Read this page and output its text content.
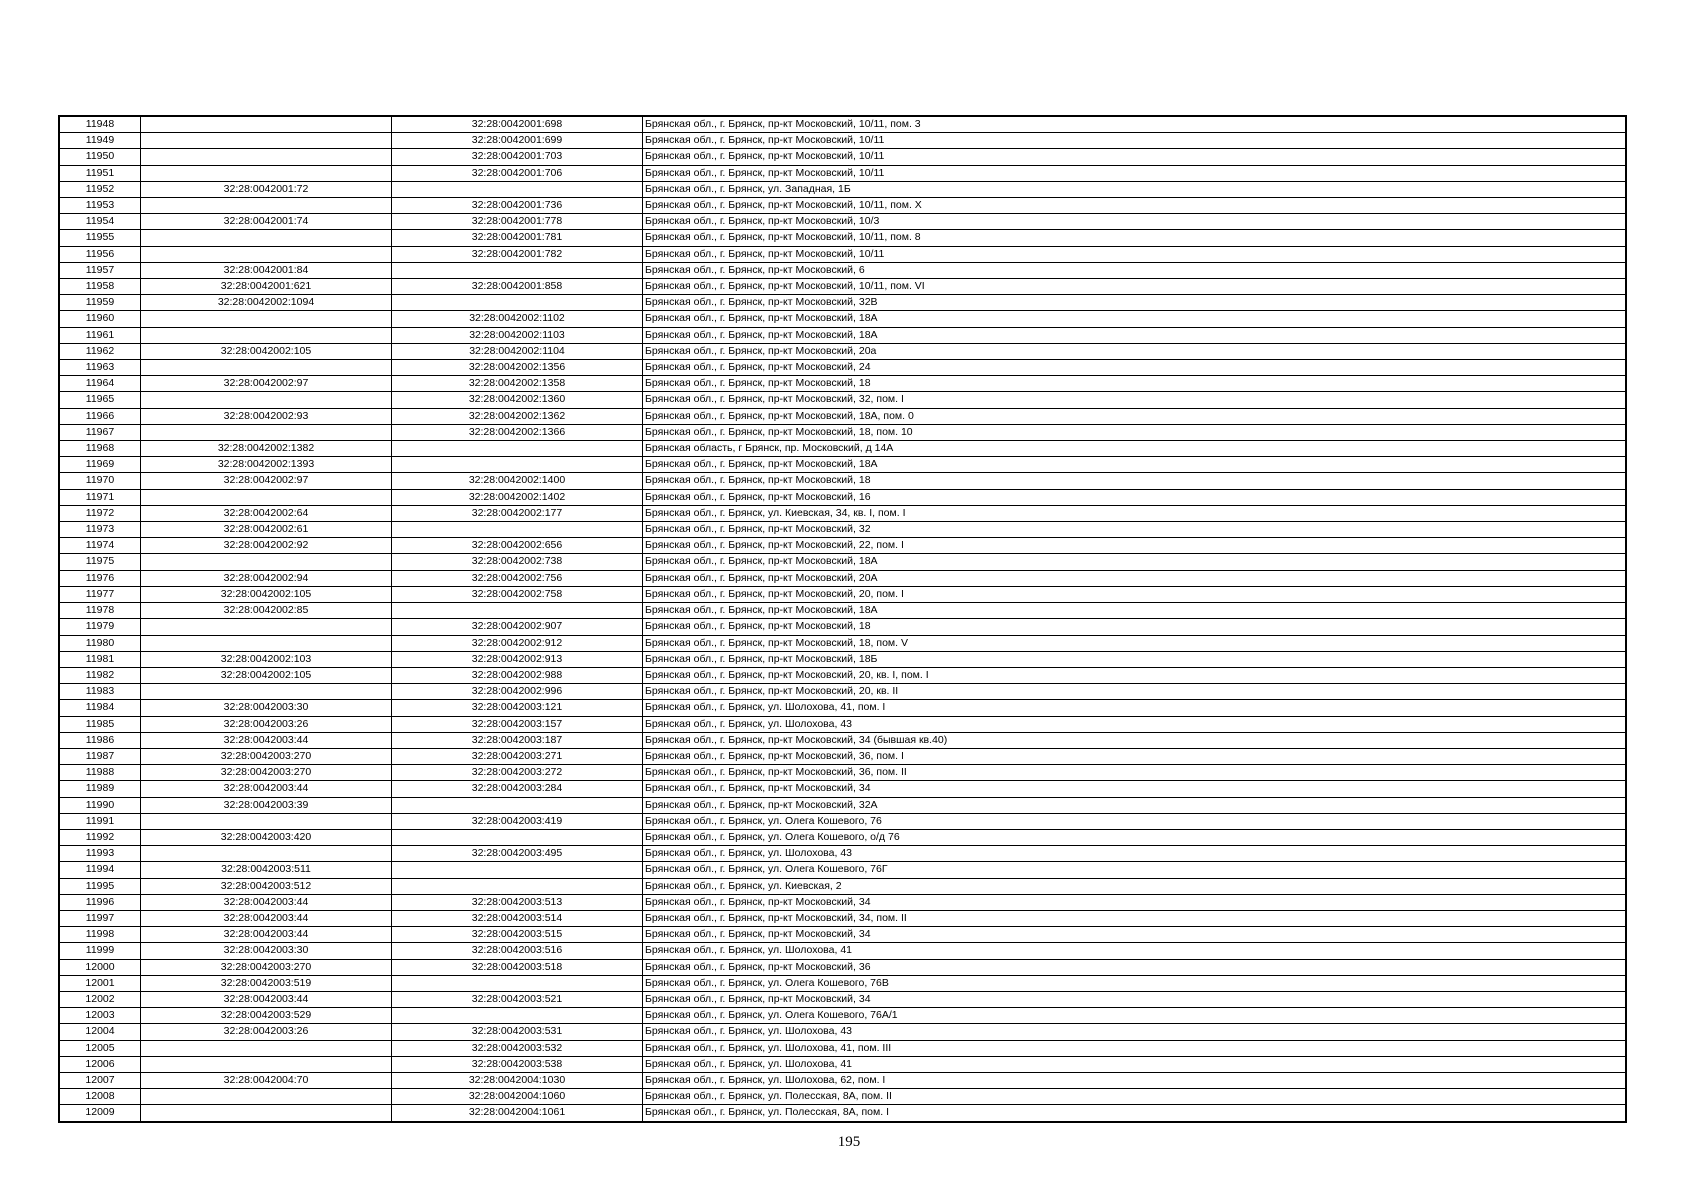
11948		32:28:0042001:698	Брянская обл., г. Брянск, пр-кт Московский, 10/11, пом. 3
11949		32:28:0042001:699	Брянская обл., г. Брянск, пр-кт Московский, 10/11
11950		32:28:0042001:703	Брянская обл., г. Брянск, пр-кт Московский, 10/11
11951		32:28:0042001:706	Брянская обл., г. Брянск, пр-кт Московский, 10/11
11952	32:28:0042001:72		Брянская обл., г. Брянск, ул. Западная, 1Б
11953		32:28:0042001:736	Брянская обл., г. Брянск, пр-кт Московский, 10/11, пом. X
11954	32:28:0042001:74	32:28:0042001:778	Брянская обл., г. Брянск, пр-кт Московский, 10/3
11955		32:28:0042001:781	Брянская обл., г. Брянск, пр-кт Московский, 10/11, пом. 8
11956		32:28:0042001:782	Брянская обл., г. Брянск, пр-кт Московский, 10/11
11957	32:28:0042001:84		Брянская обл., г. Брянск, пр-кт Московский, 6
11958	32:28:0042001:621	32:28:0042001:858	Брянская обл., г. Брянск, пр-кт Московский, 10/11, пом. VI
11959	32:28:0042002:1094		Брянская обл., г. Брянск, пр-кт Московский, 32В
11960		32:28:0042002:1102	Брянская обл., г. Брянск, пр-кт Московский, 18А
11961		32:28:0042002:1103	Брянская обл., г. Брянск, пр-кт Московский, 18А
11962	32:28:0042002:105	32:28:0042002:1104	Брянская обл., г. Брянск, пр-кт Московский, 20а
11963		32:28:0042002:1356	Брянская обл., г. Брянск, пр-кт Московский, 24
11964	32:28:0042002:97	32:28:0042002:1358	Брянская обл., г. Брянск, пр-кт Московский, 18
11965		32:28:0042002:1360	Брянская обл., г. Брянск, пр-кт Московский, 32, пом. I
11966	32:28:0042002:93	32:28:0042002:1362	Брянская обл., г. Брянск, пр-кт Московский, 18А, пом. 0
11967		32:28:0042002:1366	Брянская обл., г. Брянск, пр-кт Московский, 18, пом. 10
11968	32:28:0042002:1382		Брянская область, г Брянск, пр. Московский, д 14А
11969	32:28:0042002:1393		Брянская обл., г. Брянск, пр-кт Московский, 18А
11970	32:28:0042002:97	32:28:0042002:1400	Брянская обл., г. Брянск, пр-кт Московский, 18
11971		32:28:0042002:1402	Брянская обл., г. Брянск, пр-кт Московский, 16
11972	32:28:0042002:64	32:28:0042002:177	Брянская обл., г. Брянск, ул. Киевская, 34, кв. I, пом. I
11973	32:28:0042002:61		Брянская обл., г. Брянск, пр-кт Московский, 32
11974	32:28:0042002:92	32:28:0042002:656	Брянская обл., г. Брянск, пр-кт Московский, 22, пом. I
11975		32:28:0042002:738	Брянская обл., г. Брянск, пр-кт Московский, 18А
11976	32:28:0042002:94	32:28:0042002:756	Брянская обл., г. Брянск, пр-кт Московский, 20А
11977	32:28:0042002:105	32:28:0042002:758	Брянская обл., г. Брянск, пр-кт Московский, 20, пом. I
11978	32:28:0042002:85		Брянская обл., г. Брянск, пр-кт Московский, 18А
11979		32:28:0042002:907	Брянская обл., г. Брянск, пр-кт Московский, 18
11980		32:28:0042002:912	Брянская обл., г. Брянск, пр-кт Московский, 18, пом. V
11981	32:28:0042002:103	32:28:0042002:913	Брянская обл., г. Брянск, пр-кт Московский, 18Б
11982	32:28:0042002:105	32:28:0042002:988	Брянская обл., г. Брянск, пр-кт Московский, 20, кв. I, пом. I
11983		32:28:0042002:996	Брянская обл., г. Брянск, пр-кт Московский, 20, кв. II
11984	32:28:0042003:30	32:28:0042003:121	Брянская обл., г. Брянск, ул. Шолохова, 41, пом. I
11985	32:28:0042003:26	32:28:0042003:157	Брянская обл., г. Брянск, ул. Шолохова, 43
11986	32:28:0042003:44	32:28:0042003:187	Брянская обл., г. Брянск, пр-кт Московский, 34 (бывшая кв.40)
11987	32:28:0042003:270	32:28:0042003:271	Брянская обл., г. Брянск, пр-кт Московский, 36, пом. I
11988	32:28:0042003:270	32:28:0042003:272	Брянская обл., г. Брянск, пр-кт Московский, 36, пом. II
11989	32:28:0042003:44	32:28:0042003:284	Брянская обл., г. Брянск, пр-кт Московский, 34
11990	32:28:0042003:39		Брянская обл., г. Брянск, пр-кт Московский, 32А
11991		32:28:0042003:419	Брянская обл., г. Брянск, ул. Олега Кошевого, 76
11992	32:28:0042003:420		Брянская обл., г. Брянск, ул. Олега Кошевого, о/д 76
11993		32:28:0042003:495	Брянская обл., г. Брянск, ул. Шолохова, 43
11994	32:28:0042003:511		Брянская обл., г. Брянск, ул. Олега Кошевого, 76Г
11995	32:28:0042003:512		Брянская обл., г. Брянск, ул. Киевская, 2
11996	32:28:0042003:44	32:28:0042003:513	Брянская обл., г. Брянск, пр-кт Московский, 34
11997	32:28:0042003:44	32:28:0042003:514	Брянская обл., г. Брянск, пр-кт Московский, 34, пом. II
11998	32:28:0042003:44	32:28:0042003:515	Брянская обл., г. Брянск, пр-кт Московский, 34
11999	32:28:0042003:30	32:28:0042003:516	Брянская обл., г. Брянск, ул. Шолохова, 41
12000	32:28:0042003:270	32:28:0042003:518	Брянская обл., г. Брянск, пр-кт Московский, 36
12001	32:28:0042003:519		Брянская обл., г. Брянск, ул. Олега Кошевого, 76В
12002	32:28:0042003:44	32:28:0042003:521	Брянская обл., г. Брянск, пр-кт Московский, 34
12003	32:28:0042003:529		Брянская обл., г. Брянск, ул. Олега Кошевого, 76А/1
12004	32:28:0042003:26	32:28:0042003:531	Брянская обл., г. Брянск, ул. Шолохова, 43
12005		32:28:0042003:532	Брянская обл., г. Брянск, ул. Шолохова, 41, пом. III
12006		32:28:0042003:538	Брянская обл., г. Брянск, ул. Шолохова, 41
12007	32:28:0042004:70	32:28:0042004:1030	Брянская обл., г. Брянск, ул. Шолохова, 62, пом. I
12008		32:28:0042004:1060	Брянская обл., г. Брянск, ул. Полесская, 8А, пом. II
12009		32:28:0042004:1061	Брянская обл., г. Брянск, ул. Полесская, 8А, пом. I
195
